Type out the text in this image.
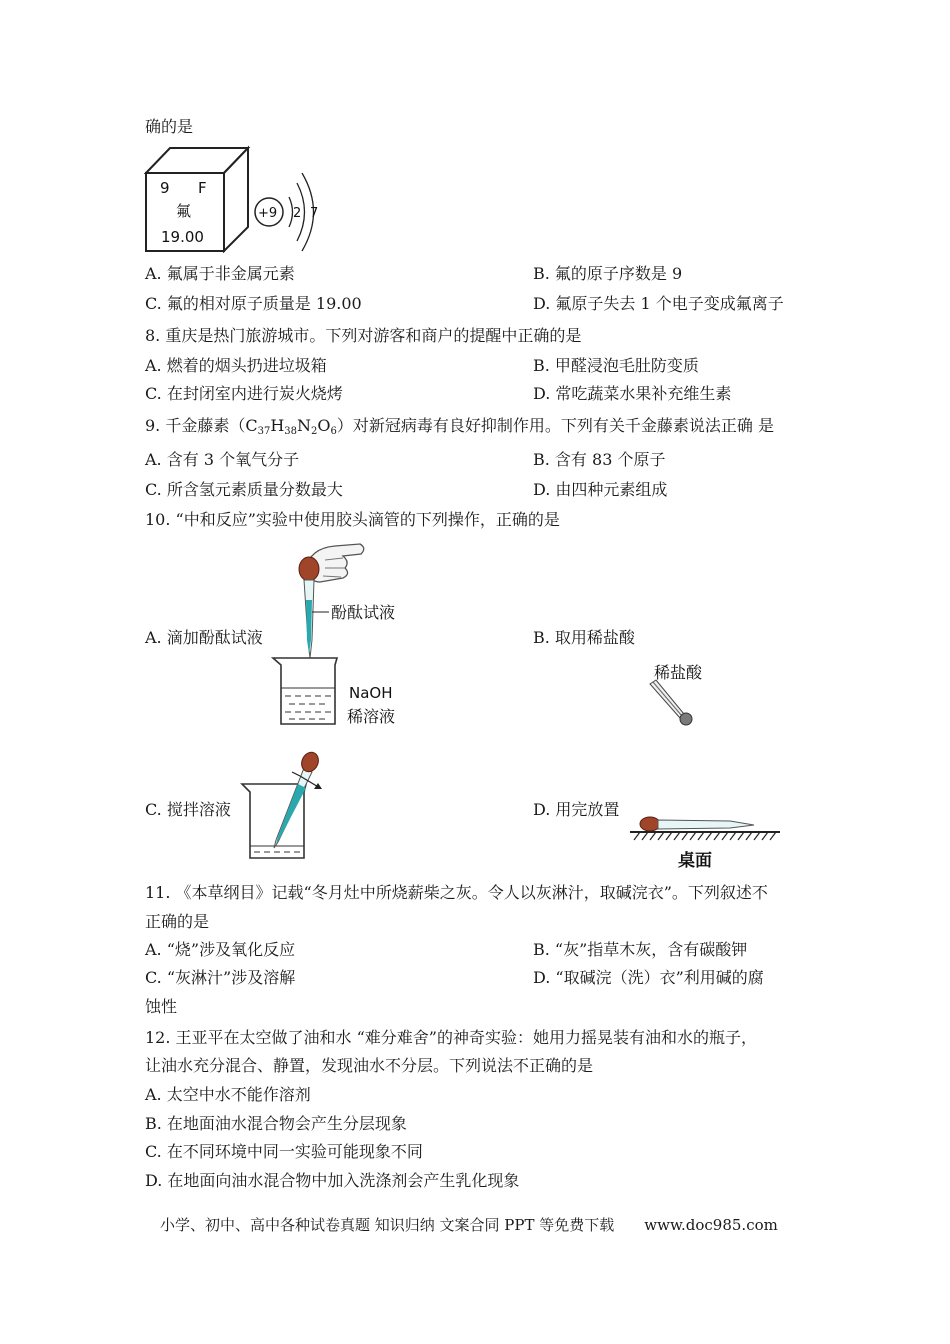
确的是
9 F
氟
19.00
+9 2 7
A. 氟属于非金属元素	B. 氟的原子序数是 9
C. 氟的相对原子质量是 19.00	D. 氟原子失去 1 个电子变成氟离子
8. 重庆是热门旅游城市。下列对游客和商户的提醒中正确的是
A. 燃着的烟头扔进垃圾箱	B. 甲醛浸泡毛肚防变质
C. 在封闭室内进行炭火烧烤	D. 常吃蔬菜水果补充维生素
9. 千金藤素$(C_{37}H_{38}N_2O_6)$对新冠病毒有良好抑制作用。下列有关千金藤素说法正确 是
A. 含有 3 个氧气分子	B. 含有 83 个原子
C. 所含氢元素质量分数最大	D. 由四种元素组成
10. “中和反应”实验中使用胶头滴管的下列操作，正确的是
酚酞试液
NaOH
稀溶液
A. 滴加酚酞试液	B. 取用稀盐酸
稀盐酸
C. 搅拌溶液	D. 用完放置
桌面
11. 《本草纲目》记载“冬月灶中所烧薪柴之灰。令人以灰淋汁，取碱浣衣”。下列叙述不
正确的是
A. “烧”涉及氧化反应	B. “灰”指草木灰，含有碳酸钾
C. “灰淋汁”涉及溶解	D. “取碱浣（洗）衣”利用碱的腐
蚀性
12. 王亚平在太空做了油和水 “难分难舍”的神奇实验：她用力摇晃装有油和水的瓶子，
让油水充分混合、静置，发现油水不分层。下列说法不正确的是
A. 太空中水不能作溶剂
B. 在地面油水混合物会产生分层现象
C. 在不同环境中同一实验可能现象不同
D. 在地面向油水混合物中加入洗涤剂会产生乳化现象
小学、初中、高中各种试卷真题 知识归纳 文案合同 PPT 等免费下载 www.doc985.com
